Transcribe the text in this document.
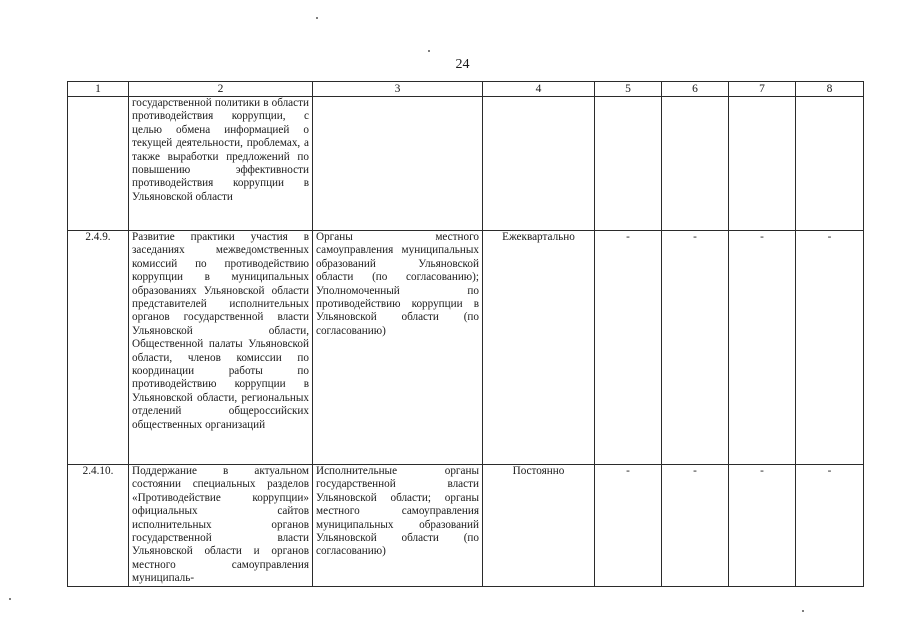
24
1	2	3	4	5	6	7	8
	государственной политики в области противодействия коррупции, с целью обмена информацией о текущей деятельности, проблемах, а также выработки предложений по повышению эффективности противодействия коррупции в Ульяновской области						
2.4.9.	Развитие практики участия в заседаниях межведомственных комиссий по противодействию коррупции в муниципальных образованиях Ульяновской области представителей исполнительных органов государственной власти Ульяновской области, Общественной палаты Ульяновской области, членов комиссии по координации работы по противодействию коррупции в Ульяновской области, региональных отделений общероссийских общественных организаций	Органы местного самоуправления муниципальных образований Ульяновской области (по согласованию); Уполномоченный по противодействию коррупции в Ульяновской области (по согласованию)	Ежеквартально	-	-	-	-
2.4.10.	Поддержание в актуальном состоянии специальных разделов «Противодействие коррупции» официальных сайтов исполнительных органов государственной власти Ульяновской области и органов местного самоуправления муниципаль-	Исполнительные органы государственной власти Ульяновской области; органы местного самоуправления муниципальных образований Ульяновской области (по согласованию)	Постоянно	-	-	-	-
